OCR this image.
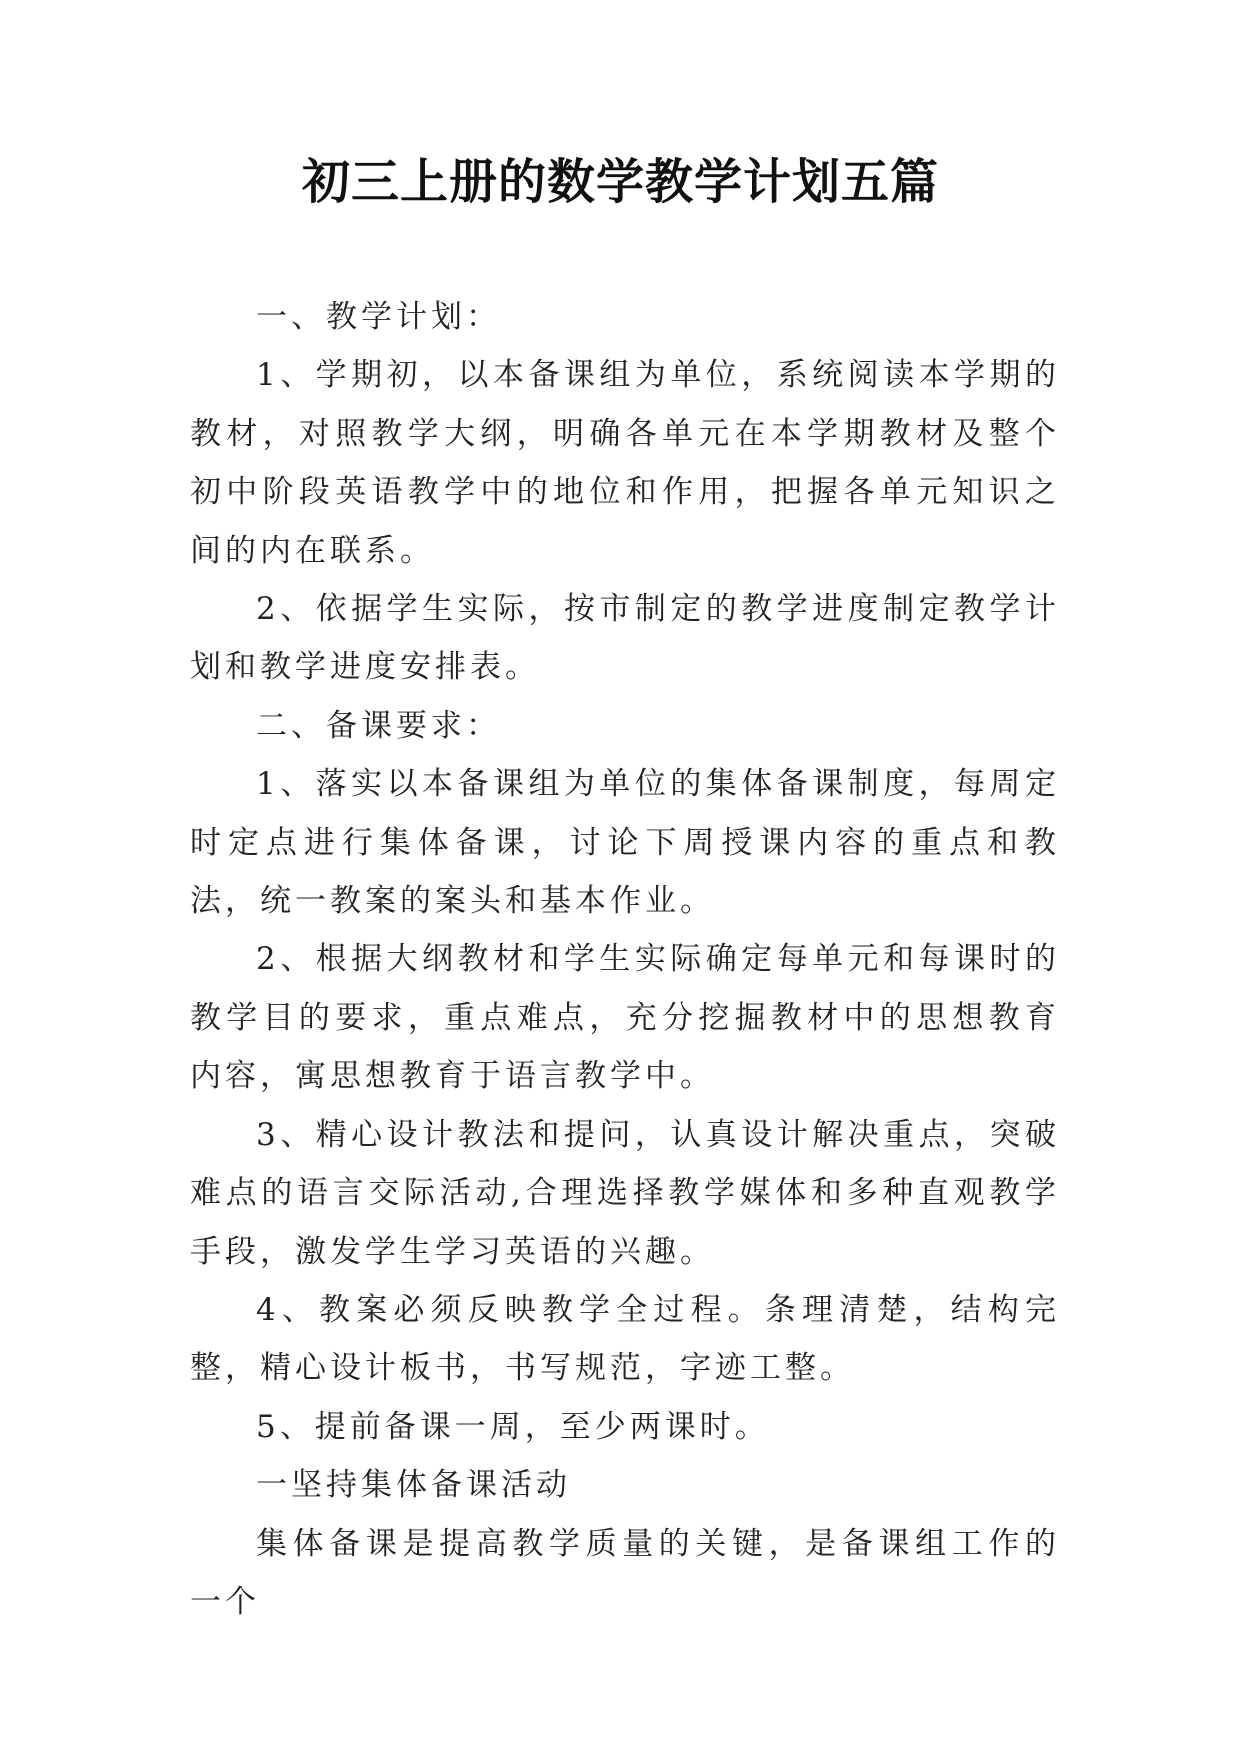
初三上册的数学教学计划五篇

一、教学计划：

1、学期初，以本备课组为单位，系统阅读本学期的教材，对照教学大纲，明确各单元在本学期教材及整个初中阶段英语教学中的地位和作用，把握各单元知识之间的内在联系。

2、依据学生实际，按市制定的教学进度制定教学计划和教学进度安排表。

二、备课要求：

1、落实以本备课组为单位的集体备课制度，每周定时定点进行集体备课，讨论下周授课内容的重点和教法，统一教案的案头和基本作业。

2、根据大纲教材和学生实际确定每单元和每课时的教学目的要求，重点难点，充分挖掘教材中的思想教育内容，寓思想教育于语言教学中。

3、精心设计教法和提问，认真设计解决重点，突破难点的语言交际活动,合理选择教学媒体和多种直观教学手段，激发学生学习英语的兴趣。

4、教案必须反映教学全过程。条理清楚，结构完整，精心设计板书，书写规范，字迹工整。

5、提前备课一周，至少两课时。

一坚持集体备课活动

集体备课是提高教学质量的关键，是备课组工作的一个
